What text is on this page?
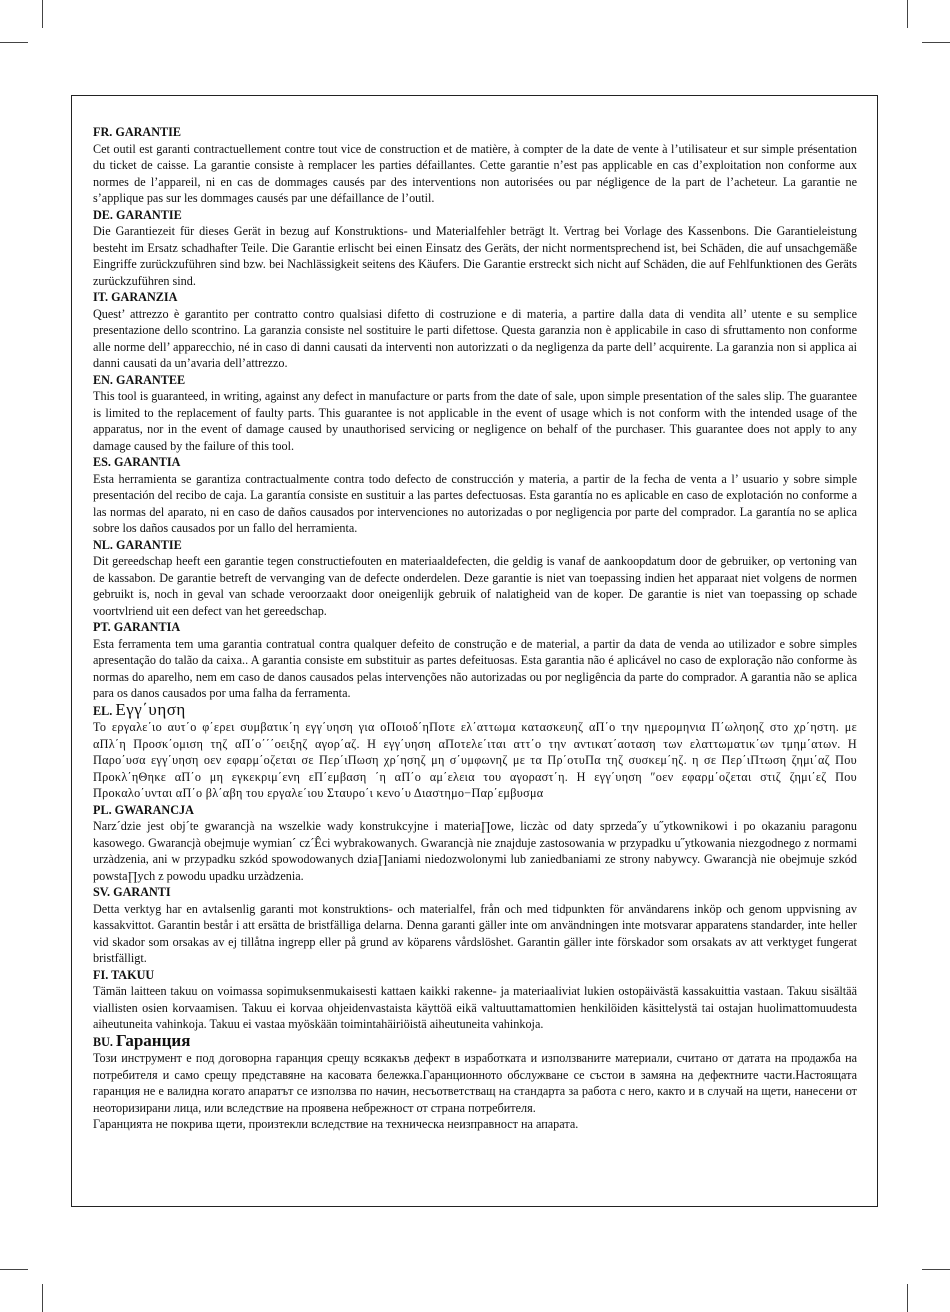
FR. GARANTIE

Cet outil est garanti contractuellement contre tout vice de construction et de matière, à compter de la date de vente à l’utilisateur et sur simple présentation du ticket de caisse. La garantie consiste à remplacer les parties défaillantes. Cette garantie n’est pas applicable en cas d’exploitation non conforme aux normes de l’appareil, ni en cas de dommages causés par des interventions non autorisées ou par négligence de la part de l’acheteur. La garantie ne s’applique pas sur les dommages causés par une défaillance de l’outil.

DE. GARANTIE

Die Garantiezeit für dieses Gerät in bezug auf Konstruktions- und Materialfehler beträgt lt. Vertrag bei Vorlage des Kassenbons. Die Garantieleistung besteht im Ersatz schadhafter Teile. Die Garantie erlischt bei einen Einsatz des Geräts, der nicht normentsprechend ist, bei Schäden, die auf unsachgemäße Eingriffe zurückzuführen sind bzw. bei Nachlässigkeit seitens des Käufers. Die Garantie erstreckt sich nicht auf Schäden, die auf Fehlfunktionen des Geräts zurückzuführen sind.

IT. GARANZIA

Quest’ attrezzo è garantito per contratto contro qualsiasi difetto di costruzione e di materia, a partire dalla data di vendita all’ utente e su semplice presentazione dello scontrino. La garanzia consiste nel sostituire le parti difettose. Questa garanzia non è applicabile in caso di sfruttamento non conforme alle norme dell’ apparecchio, né in caso di danni causati da interventi non autorizzati o da negligenza da parte dell’ acquirente. La garanzia non si applica ai danni causati da un’avaria dell’attrezzo.

EN. GARANTEE

This tool is guaranteed, in writing, against any defect in manufacture or parts from the date of sale, upon simple presentation of the sales slip. The guarantee is limited to the replacement of faulty parts. This guarantee is not applicable in the event of usage which is not conform with the intended usage of the apparatus, nor in the event of damage caused by unauthorised servicing or negligence on behalf of the purchaser. This guarantee does not apply to any damage caused by the failure of this tool.

ES. GARANTIA

Esta herramienta se garantiza contractualmente contra todo defecto de construcción y materia, a partir de la fecha de venta a l’ usuario y sobre simple presentación del recibo de caja. La garantía consiste en sustituir a las partes defectuosas. Esta garantía no es aplicable en caso de explotación no conforme a las normas del aparato, ni en caso de daños causados por intervenciones no autorizadas o por negligencia por parte del comprador. La garantía no se aplica sobre los daños causados por un fallo del herramienta.

NL. GARANTIE

Dit gereedschap heeft een garantie tegen constructiefouten en materiaaldefecten, die geldig is vanaf de aankoopdatum door de gebruiker, op vertoning van de kassabon. De garantie betreft de vervanging van de defecte onderdelen. Deze garantie is niet van toepassing indien het apparaat niet volgens de normen gebruikt is, noch in geval van schade veroorzaakt door oneigenlijk gebruik of nalatigheid van de koper. De garantie is niet van toepassing op schade voortvlriend uit een defect van het gereedschap.

PT. GARANTIA

Esta ferramenta tem uma garantia contratual contra qualquer defeito de construção e de material, a partir da data de venda ao utilizador e sobre simples apresentação do talão da caixa.. A garantia consiste em substituir as partes defeituosas. Esta garantia não é aplicável no caso de exploração não conforme às normas do aparelho, nem em caso de danos causados pelas intervenções não autorizadas ou por negligência da parte do comprador. A garantia não se aplica para os danos causados por uma falha da ferramenta.

EL. Εγγ΄υηση

Το εργαλε΄ιο αυτ΄ο φ΄ερει συμβατικ΄η εγγ΄υηση για οΠοιοδ΄ηΠοτε ελ΄αττωμα κατασκευηζ αΠ΄ο την ημερομηνια Π΄ωληοηζ στο χρ΄ηστη. με αΠλ΄η Προσκ΄ομιση τηζ αΠ΄ο΄΄΄οειξηζ αγορ΄αζ. Η εγγ΄υηση αΠοτελε΄ιται αττ΄ο την αντικατ΄αοταση των ελαττωματικ΄ων τμημ΄ατων. Η Παρο΄υσα εγγ΄υηση οεν εφαρμ΄οζεται σε Περ΄ιΠωση χρ΄ησηζ μη σ΄υμφωνηζ με τα Πρ΄οτυΠα τηζ συσκεμ΄ηζ. η σε Περ΄ιΠτωση ζημι΄αζ Που Προκλ΄ηΘηκε αΠ΄ο μη εγκεκριμ΄ενη εΠ΄εμβαση ΄η αΠ΄ο αμ΄ελεια του αγοραστ΄η. Η εγγ΄υηση ″οεν εφαρμ΄οζεται στιζ ζημι΄εζ Που Προκαλο΄υνται αΠ΄ο βλ΄αβη του εργαλε΄ιου Σταυρο΄ι κενο΄υ Διαστημο−Παρ΄εμβυσμα

PL. GWARANCJA

Narz´dzie jest obj´te gwarancjà na wszelkie wady konstrukcyjne i materia∏owe, liczàc od daty sprzeda˝y u˝ytkownikowi i po okazaniu paragonu kasowego. Gwarancjà obejmuje wymian´ cz´Êci wybrakowanych. Gwarancjà nie znajduje zastosowania w przypadku u˝ytkowania niezgodnego z normami urzàdzenia, ani w przypadku szkód spowodowanych dzia∏aniami niedozwolonymi lub zaniedbaniami ze strony nabywcy. Gwarancjà nie obejmuje szkód powsta∏ych z powodu upadku urzàdzenia.

SV. GARANTI

Detta verktyg har en avtalsenlig garanti mot konstruktions- och materialfel, från och med tidpunkten för användarens inköp och genom uppvisning av kassakvittot. Garantin består i att ersätta de bristfälliga delarna. Denna garanti gäller inte om användningen inte motsvarar apparatens standarder, inte heller vid skador som orsakas av ej tillåtna ingrepp eller på grund av köparens vårdslöshet. Garantin gäller inte förskador som orsakats av att verktyget fungerat bristfälligt.

FI. TAKUU

Tämän laitteen takuu on voimassa sopimuksenmukaisesti kattaen kaikki rakenne- ja materiaaliviat lukien ostopäivästä kassakuittia vastaan. Takuu sisältää viallisten osien korvaamisen. Takuu ei korvaa ohjeidenvastaista käyttöä eikä valtuuttamattomien henkilöiden käsittelystä tai ostajan huolimattomuudesta aiheutuneita vahinkoja. Takuu ei vastaa myöskään toimintahäiriöistä aiheutuneita vahinkoja.

BU. Гаранция

Този инструмент е под договорна гаранция срещу всякакъв дефект в изработката и използваните материали, считано от датата на продажба на потребителя и само срещу представяне на касовата бележка.Гаранционното обслужване се състои в замяна на дефектните части.Настоящата гаранция не е валидна когато апаратът се използва по начин, несъответстващ на стандарта за работа с него, както и в случай на щети, нанесени от неоторизирани лица, или вследствие на проявена небрежност от страна потребителя.

Гаранцията не покрива щети, произтекли вследствие на техническа неизправност на апарата.
